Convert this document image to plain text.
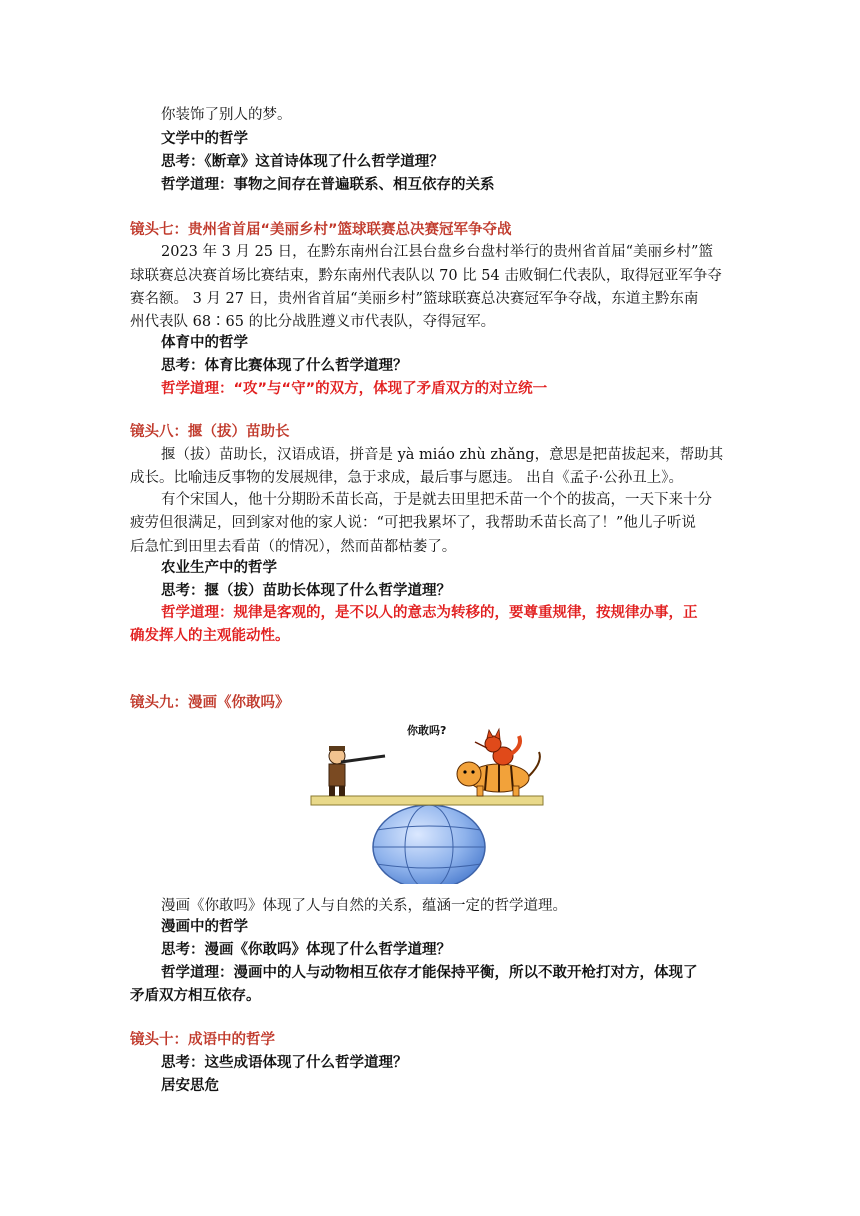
你装饰了别人的梦。
文学中的哲学
思考：《断章》这首诗体现了什么哲学道理？
哲学道理：事物之间存在普遍联系、相互依存的关系
镜头七：贵州省首届“美丽乡村”篮球联赛总决赛冠军争夺战
2023 年 3 月 25 日，在黔东南州台江县台盘乡台盘村举行的贵州省首届“美丽乡村”篮
球联赛总决赛首场比赛结束，黔东南州代表队以 70 比 54 击败铜仁代表队，取得冠亚军争夺
赛名额。 3 月 27 日，贵州省首届“美丽乡村”篮球联赛总决赛冠军争夺战，东道主黔东南
州代表队 68∶65 的比分战胜遵义市代表队，夺得冠军。
体育中的哲学
思考：体育比赛体现了什么哲学道理？
哲学道理：“攻”与“守”的双方，体现了矛盾双方的对立统一
镜头八：揠（拔）苗助长
揠（拔）苗助长，汉语成语，拼音是 yà miáo zhù zhǎng，意思是把苗拔起来，帮助其
成长。比喻违反事物的发展规律，急于求成，最后事与愿违。 出自《孟子·公孙丑上》。
有个宋国人，他十分期盼禾苗长高，于是就去田里把禾苗一个个的拔高，一天下来十分
疲劳但很满足，回到家对他的家人说：“可把我累坏了，我帮助禾苗长高了！”他儿子听说
后急忙到田里去看苗（的情况），然而苗都枯萎了。
农业生产中的哲学
思考：揠（拔）苗助长体现了什么哲学道理？
哲学道理：规律是客观的，是不以人的意志为转移的，要尊重规律，按规律办事，正
确发挥人的主观能动性。
镜头九：漫画《你敢吗》
你敢吗?
漫画《你敢吗》体现了人与自然的关系，蕴涵一定的哲学道理。
漫画中的哲学
思考：漫画《你敢吗》体现了什么哲学道理？
哲学道理：漫画中的人与动物相互依存才能保持平衡，所以不敢开枪打对方，体现了
矛盾双方相互依存。
镜头十：成语中的哲学
思考：这些成语体现了什么哲学道理？
居安思危
